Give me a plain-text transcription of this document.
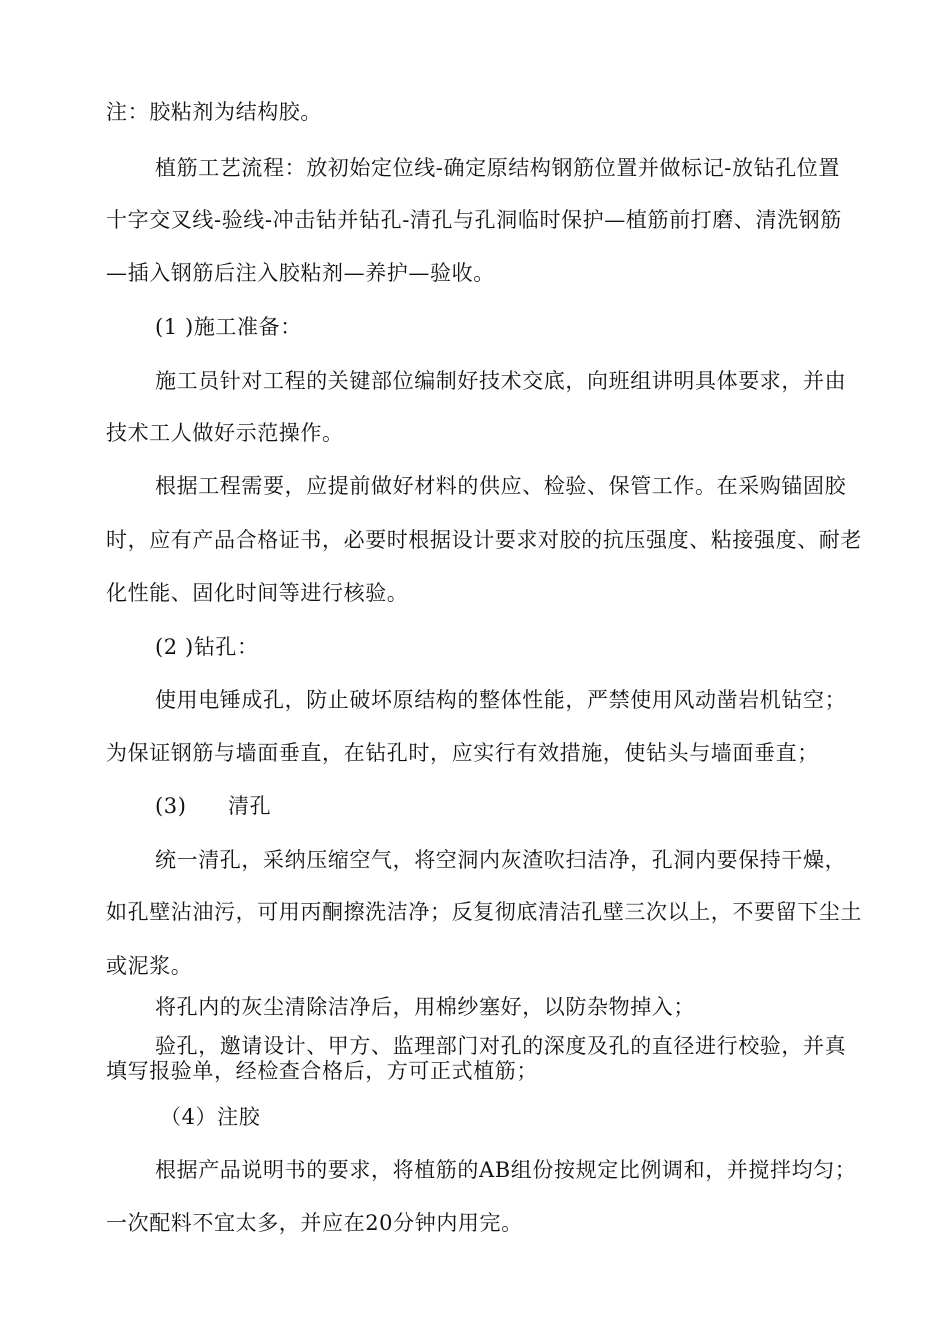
注：胶粘剂为结构胶。
植筋工艺流程：放初始定位线-确定原结构钢筋位置并做标记-放钻孔位置
十字交叉线-验线-冲击钻并钻孔-清孔与孔洞临时保护—植筋前打磨、清洗钢筋
—插入钢筋后注入胶粘剂—养护—验收。
(1 )施工准备：
施工员针对工程的关键部位编制好技术交底，向班组讲明具体要求，并由
技术工人做好示范操作。
根据工程需要，应提前做好材料的供应、检验、保管工作。在采购锚固胶
时，应有产品合格证书，必要时根据设计要求对胶的抗压强度、粘接强度、耐老
化性能、固化时间等进行核验。
(2 )钻孔：
使用电锤成孔，防止破坏原结构的整体性能，严禁使用风动凿岩机钻空；
为保证钢筋与墙面垂直，在钻孔时，应实行有效措施，使钻头与墙面垂直；
(3) 清孔
统一清孔，采纳压缩空气，将空洞内灰渣吹扫洁净，孔洞内要保持干燥，
如孔壁沾油污，可用丙酮擦洗洁净；反复彻底清洁孔壁三次以上，不要留下尘土
或泥浆。
将孔内的灰尘清除洁净后，用棉纱塞好，以防杂物掉入；
验孔，邀请设计、甲方、监理部门对孔的深度及孔的直径进行校验，并真
填写报验单，经检查合格后，方可正式植筋；
（4）注胶
根据产品说明书的要求，将植筋的AB组份按规定比例调和，并搅拌均匀；
一次配料不宜太多，并应在20分钟内用完。
